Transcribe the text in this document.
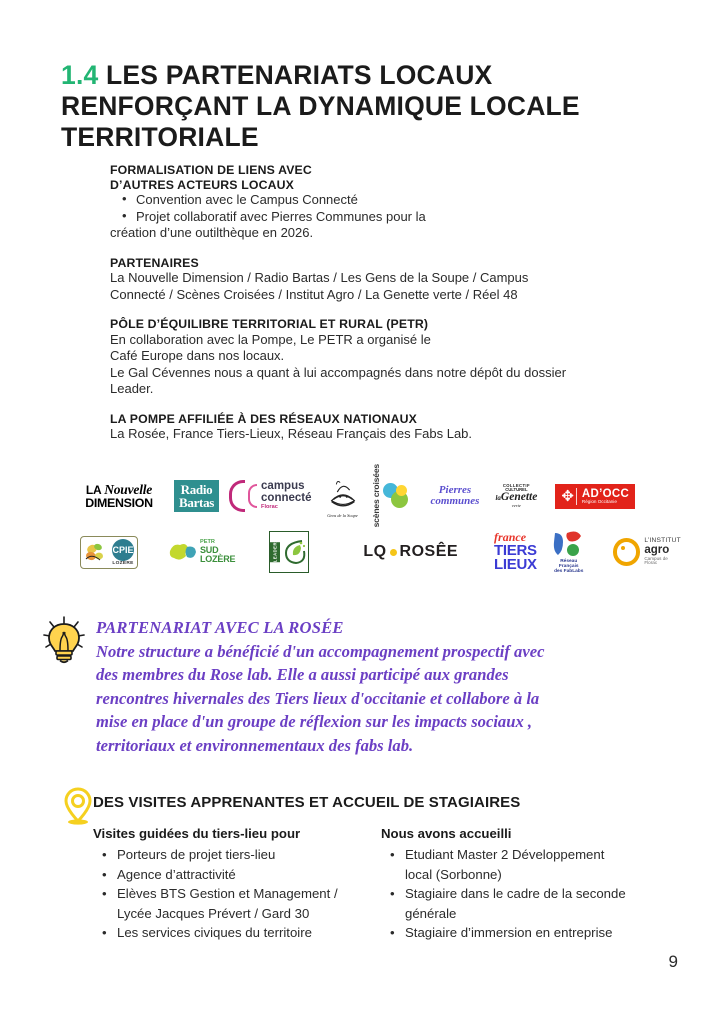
1.4 LES PARTENARIATS LOCAUX RENFORÇANT LA DYNAMIQUE LOCALE TERRITORIALE
FORMALISATION DE LIENS AVEC
D’AUTRES ACTEURS LOCAUX
• Convention avec le Campus Connecté
• Projet collaboratif avec Pierres Communes pour la
création d’une outilthèque en 2026.
PARTENAIRES
La Nouvelle Dimension / Radio Bartas / Les Gens de la Soupe / Campus
Connecté / Scènes Croisées / Institut Agro / La Genette verte / Réel 48
PÔLE D’ÉQUILIBRE TERRITORIAL ET RURAL (PETR)
En collaboration avec la Pompe, Le PETR a organisé le
Café Europe dans nos locaux.
Le Gal Cévennes nous a quant à lui accompagnés dans notre dépôt du dossier
Leader.
LA POMPE AFFILIÉE À DES RÉSEAUX NATIONAUX
La Rosée, France Tiers-Lieux, Réseau Français des Fabs Lab.
LA Nouvelle
DIMENSION
Radio
Bartas
campus
connecté
Florac
Gens de la Soupe scènes croisées	Pierres
communes
COLLECTIF
CULTUREL
laGenette
verte
✥ AD’OCC
Région Occitanie
CPIE
LOZÈRE
PETR
SUD LOZÈRE	LEADER	LQ ROSÊE
france
TIERS
LIEUX	Réseau Français
des FabLabs
L’INSTITUT
agro
Campus de Florac
PARTENARIAT AVEC LA ROSÉE
Notre structure a bénéficié d'un accompagnement prospectif avec
des membres du Rose lab. Elle a aussi participé aux grandes
rencontres hivernales des Tiers lieux d'occitanie et collabore à la
mise en place d'un groupe de réflexion sur les impacts sociaux ,
territoriaux et environnementaux des fabs lab.
DES VISITES APPRENANTES ET ACCUEIL DE STAGIAIRES
Visites guidées du tiers-lieu pour
• Porteurs de projet tiers-lieu
• Agence d’attractivité
• Elèves BTS Gestion et Management / Lycée Jacques Prévert / Gard 30
• Les services civiques du territoire
Nous avons accueilli
• Etudiant Master 2 Développement local (Sorbonne)
• Stagiaire dans le cadre de la seconde générale
• Stagiaire d’immersion en entreprise
9
